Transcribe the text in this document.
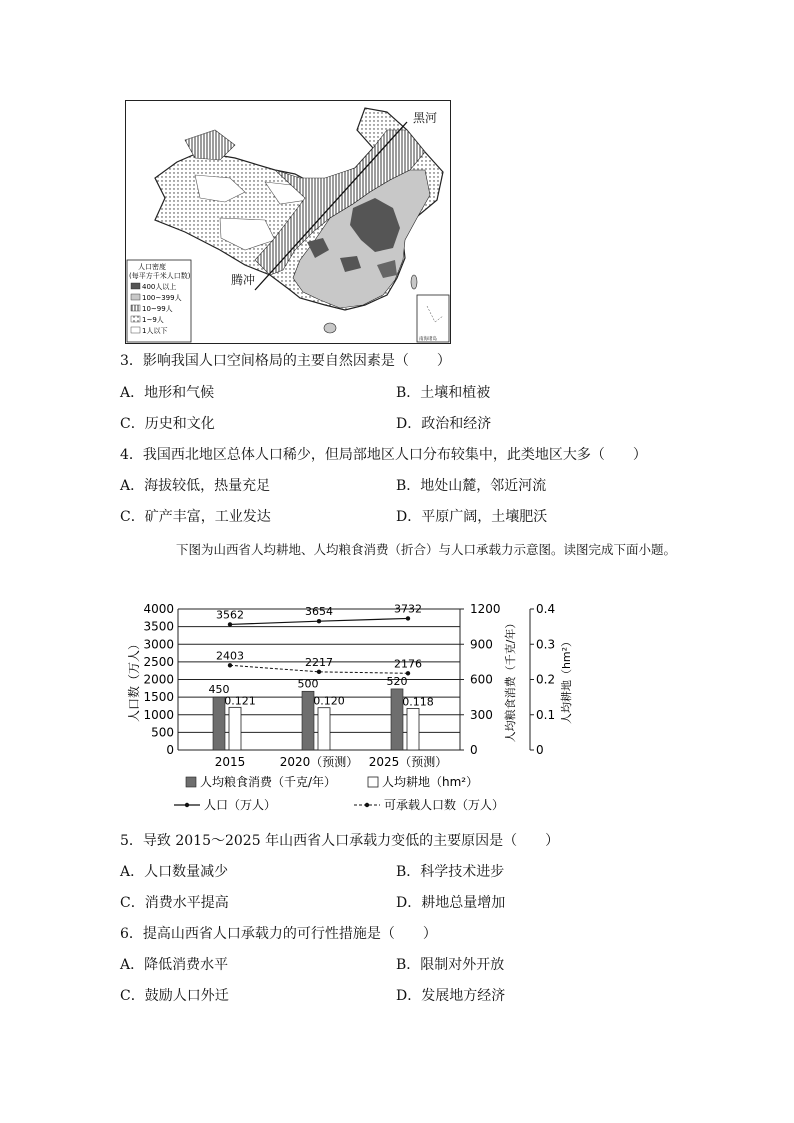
黑河
腾冲
南海诸岛
人口密度
(每平方千米人口数)
400人以上
100~399人
10~99人
1~9人
1人以下
3．影响我国人口空间格局的主要自然因素是（　　）
A．地形和气候	B．土壤和植被
C．历史和文化	D．政治和经济
4．我国西北地区总体人口稀少，但局部地区人口分布较集中，此类地区大多（　　）
A．海拔较低，热量充足	B．地处山麓，邻近河流
C．矿产丰富，工业发达	D．平原广阔，土壤肥沃
下图为山西省人均耕地、人均粮食消费（折合）与人口承载力示意图。读图完成下面小题。
0
500
1000
1500
2000
2500
3000
3500
4000
0
300
600
900
1200
0
0.1
0.2
0.3
0.4
人口数（万人）	人均粮食消费（千克/年）	人均耕地（hm²）
450
0.121
2015
500
0.120
2020（预测）
520
0.118
2025（预测）
3562	3654	3732
2403
2217	2176
人均粮食消费（千克/年）	人均耕地（hm²）
人口（万人）	可承载人口数（万人）
5．导致 2015～2025 年山西省人口承载力变低的主要原因是（　　）
A．人口数量减少	B．科学技术进步
C．消费水平提高	D．耕地总量增加
6．提高山西省人口承载力的可行性措施是（　　）
A．降低消费水平	B．限制对外开放
C．鼓励人口外迁	D．发展地方经济
